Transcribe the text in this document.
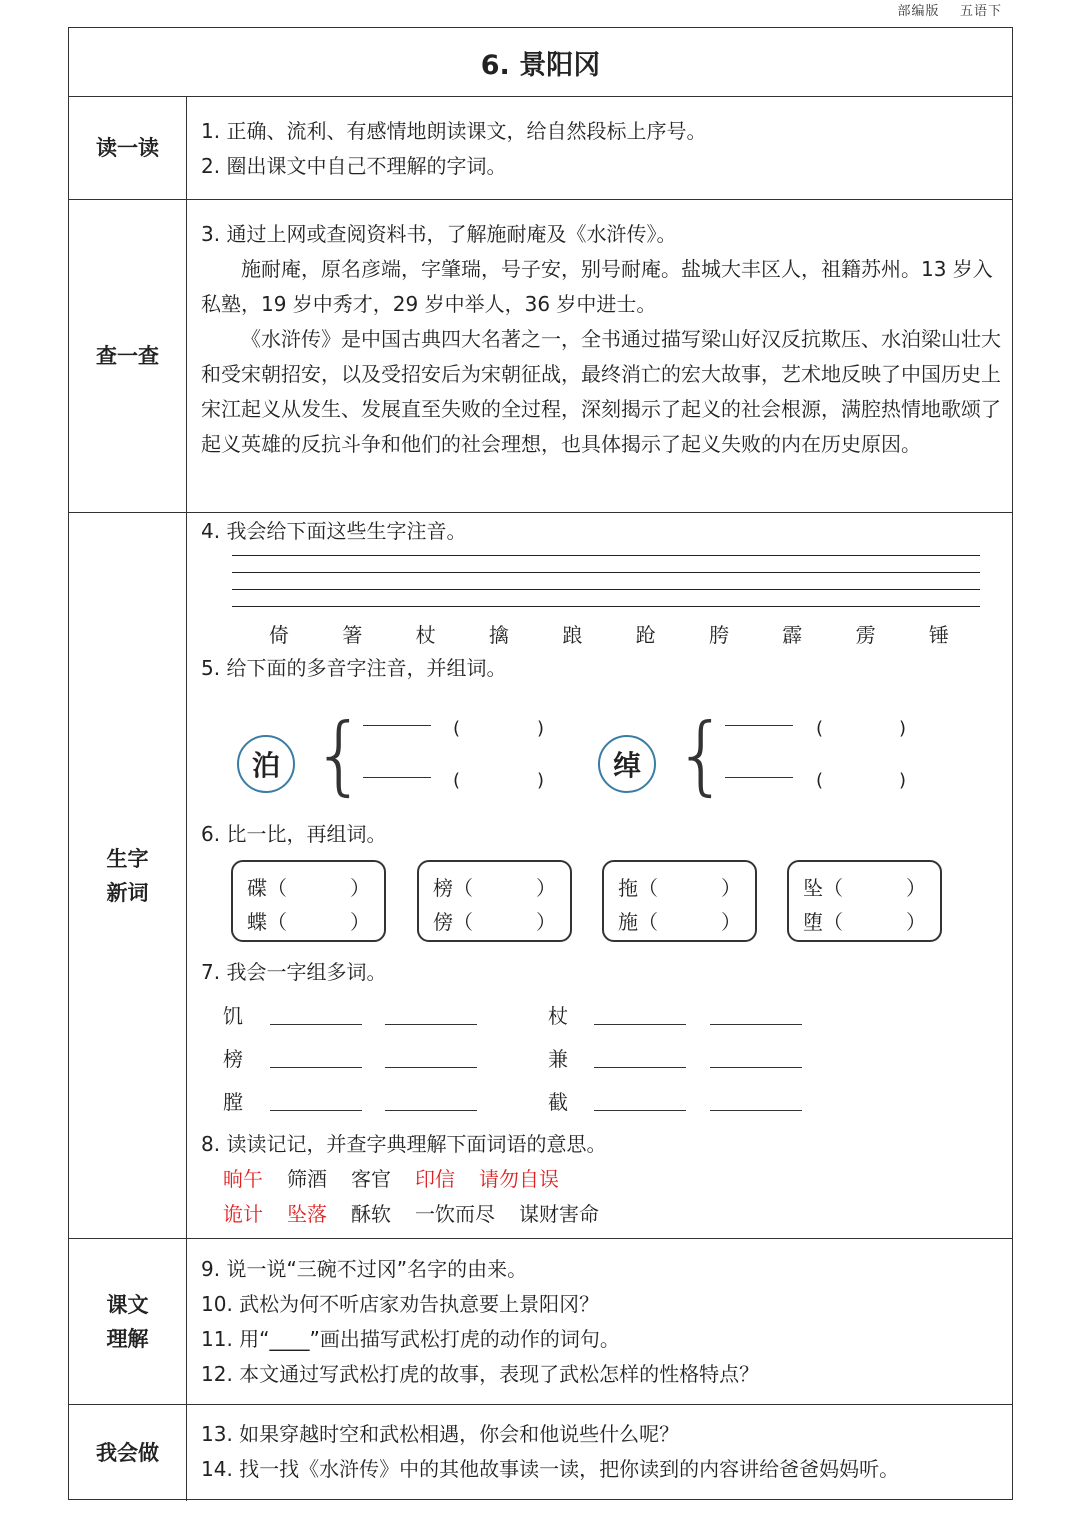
部编版 五语下
6. 景阳冈
读一读
1. 正确、流利、有感情地朗读课文，给自然段标上序号。
2. 圈出课文中自己不理解的字词。
查一查
3. 通过上网或查阅资料书，了解施耐庵及《水浒传》。
施耐庵，原名彦端，字肇瑞，号子安，别号耐庵。盐城大丰区人，祖籍苏州。13 岁入私塾，19 岁中秀才，29 岁中举人，36 岁中进士。
《水浒传》是中国古典四大名著之一，全书通过描写梁山好汉反抗欺压、水泊梁山壮大和受宋朝招安，以及受招安后为宋朝征战，最终消亡的宏大故事，艺术地反映了中国历史上宋江起义从发生、发展直至失败的全过程，深刻揭示了起义的社会根源，满腔热情地歌颂了起义英雄的反抗斗争和他们的社会理想，也具体揭示了起义失败的内在历史原因。
生字
新词
4. 我会给下面这些生字注音。
倚	箸	杖	擒	踉	跄	胯	霹	雳	锤
5. 给下面的多音字注音，并组词。
泊 {	(	)
(	)	绰 {	(	)
(	)
6. 比一比，再组词。
碟（	）
蝶（	）
榜（	）
傍（	）
拖（	）
施（	）
坠（	）
堕（	）
7. 我会一字组多词。
饥
榜
膛
杖
兼
截
8. 读读记记，并查字典理解下面词语的意思。
晌午 筛酒 客官 印信 请勿自误
诡计 坠落 酥软 一饮而尽 谋财害命
课文
理解
9. 说一说“三碗不过冈”名字的由来。
10. 武松为何不听店家劝告执意要上景阳冈？
11. 用“____”画出描写武松打虎的动作的词句。
12. 本文通过写武松打虎的故事，表现了武松怎样的性格特点？
我会做
13. 如果穿越时空和武松相遇，你会和他说些什么呢？
14. 找一找《水浒传》中的其他故事读一读，把你读到的内容讲给爸爸妈妈听。
